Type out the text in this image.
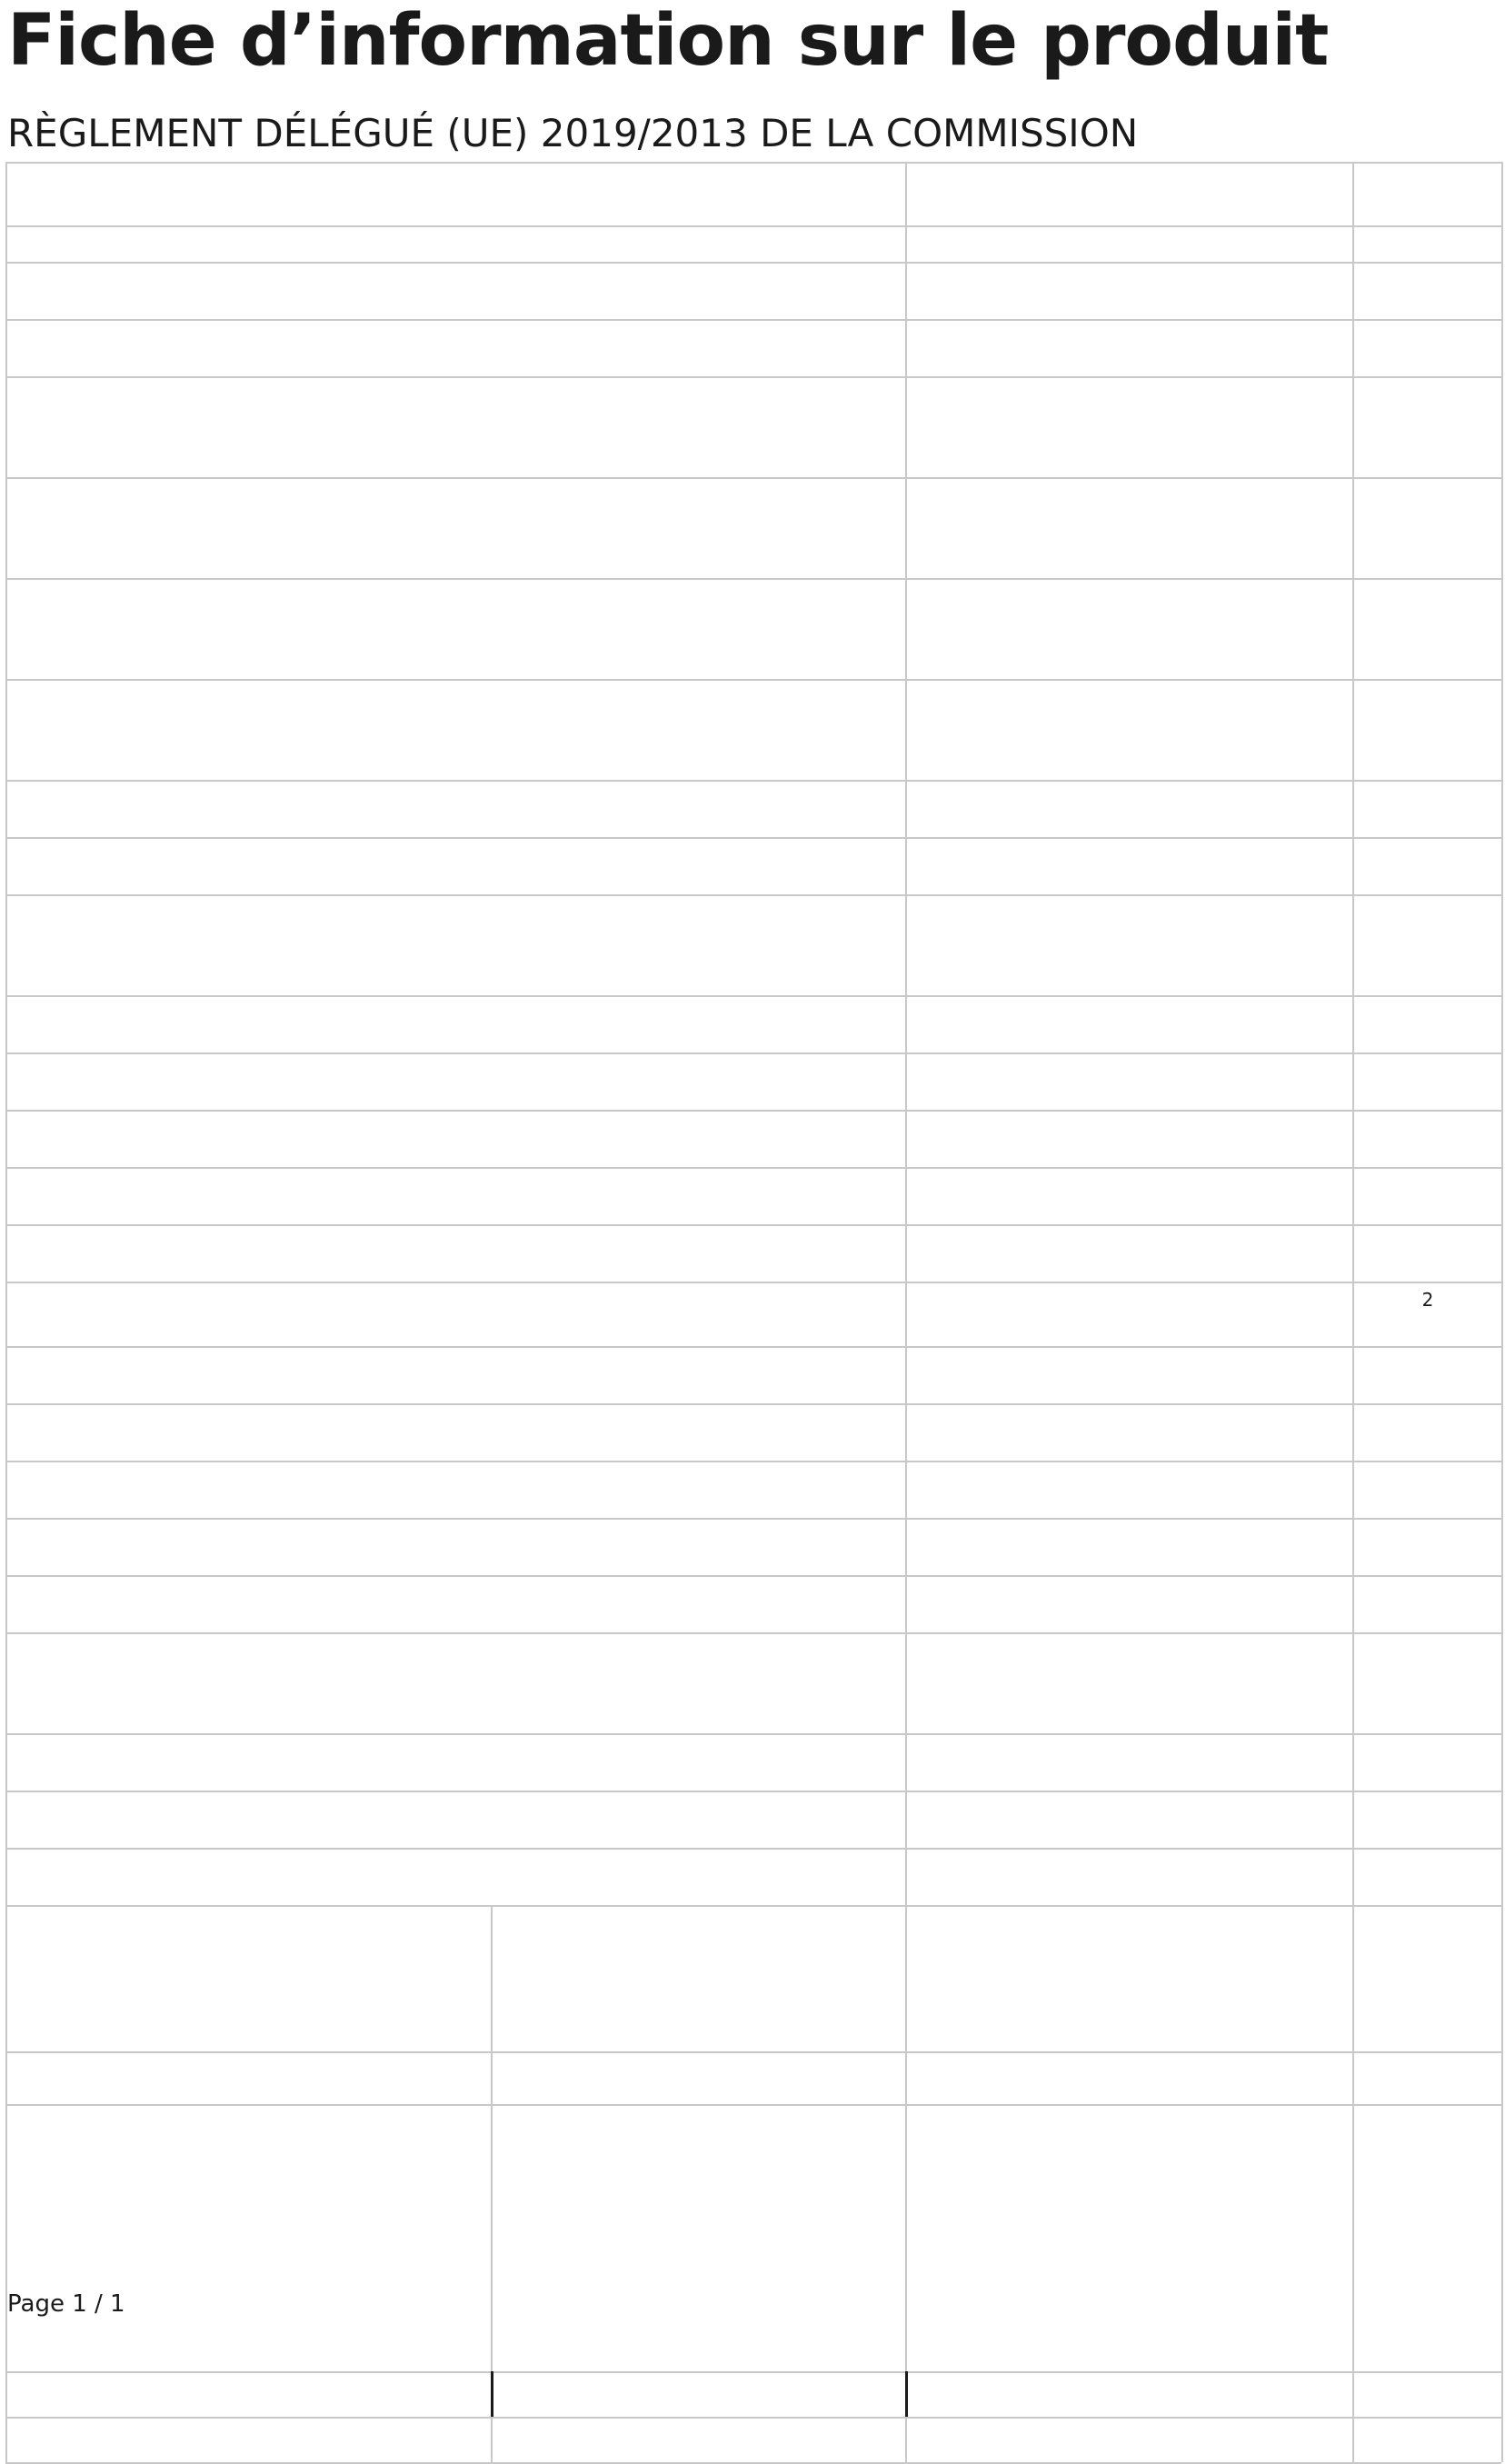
Fiche d’information sur le produit
RÈGLEMENT DÉLÉGUÉ (UE) 2019/2013 DE LA COMMISSION
$^2$
Page 1 / 1
